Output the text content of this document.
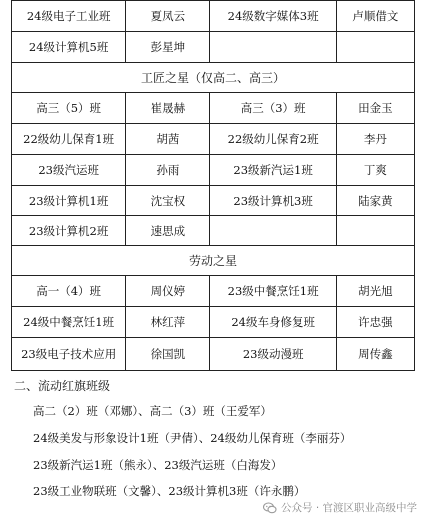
24级电子工业班	夏凤云	24级数字媒体3班	卢顺借文
24级计算机5班	彭星坤		
工匠之星（仅高二、高三）			
高三（5）班	崔晟赫	高三（3）班	田金玉
22级幼儿保育1班	胡茜	22级幼儿保育2班	李丹
23级汽运班	孙雨	23级新汽运1班	丁爽
23级计算机1班	沈宝权	23级计算机3班	陆家黄
23级计算机2班	速思成		
劳动之星			
高一（4）班	周仪婷	23级中餐烹饪1班	胡光旭
24级中餐烹饪1班	林红萍	24级车身修复班	许忠强
23级电子技术应用	徐国凯	23级动漫班	周传鑫
二、流动红旗班级
高二（2）班（邓娜）、高二（3）班（王爱军）
24级美发与形象设计1班（尹倩）、24级幼儿保育班（李丽芬）
23级新汽运1班（熊永）、23级汽运班（白海发）
23级工业物联班（文馨）、23级计算机3班（许永鹏）
公众号 · 官渡区职业高级中学
